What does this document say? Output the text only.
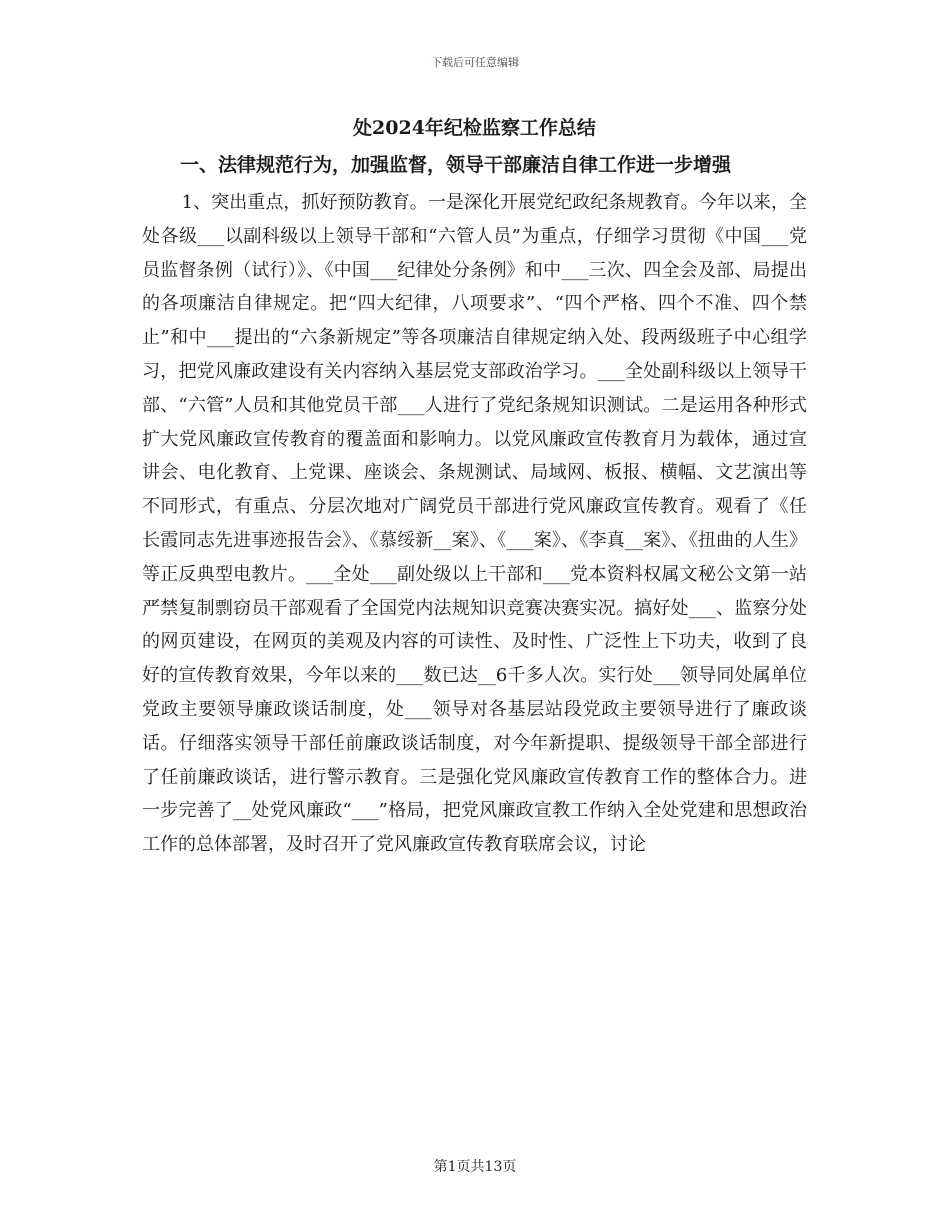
下载后可任意编辑
处2024年纪检监察工作总结
一、法律规范行为，加强监督，领导干部廉洁自律工作进一步增强
1、突出重点，抓好预防教育。一是深化开展党纪政纪条规教育。今年以来，全处各级___以副科级以上领导干部和“六管人员”为重点，仔细学习贯彻《中国___党员监督条例（试行）》、《中国___纪律处分条例》和中___三次、四全会及部、局提出的各项廉洁自律规定。把“四大纪律，八项要求”、“四个严格、四个不准、四个禁止”和中___提出的“六条新规定”等各项廉洁自律规定纳入处、段两级班子中心组学习，把党风廉政建设有关内容纳入基层党支部政治学习。___全处副科级以上领导干部、“六管”人员和其他党员干部___人进行了党纪条规知识测试。二是运用各种形式扩大党风廉政宣传教育的覆盖面和影响力。以党风廉政宣传教育月为载体，通过宣讲会、电化教育、上党课、座谈会、条规测试、局域网、板报、横幅、文艺演出等不同形式，有重点、分层次地对广阔党员干部进行党风廉政宣传教育。观看了《任长霞同志先进事迹报告会》、《慕绥新__案》、《___案》、《李真__案》、《扭曲的人生》等正反典型电教片。___全处___副处级以上干部和___党本资料权属文秘公文第一站严禁复制剽窃员干部观看了全国党内法规知识竞赛决赛实况。搞好处___、监察分处的网页建设，在网页的美观及内容的可读性、及时性、广泛性上下功夫，收到了良好的宣传教育效果，今年以来的___数已达__6千多人次。实行处___领导同处属单位党政主要领导廉政谈话制度，处___领导对各基层站段党政主要领导进行了廉政谈话。仔细落实领导干部任前廉政谈话制度，对今年新提职、提级领导干部全部进行了任前廉政谈话，进行警示教育。三是强化党风廉政宣传教育工作的整体合力。进一步完善了__处党风廉政“___”格局，把党风廉政宣教工作纳入全处党建和思想政治工作的总体部署，及时召开了党风廉政宣传教育联席会议，讨论
第1页共13页
